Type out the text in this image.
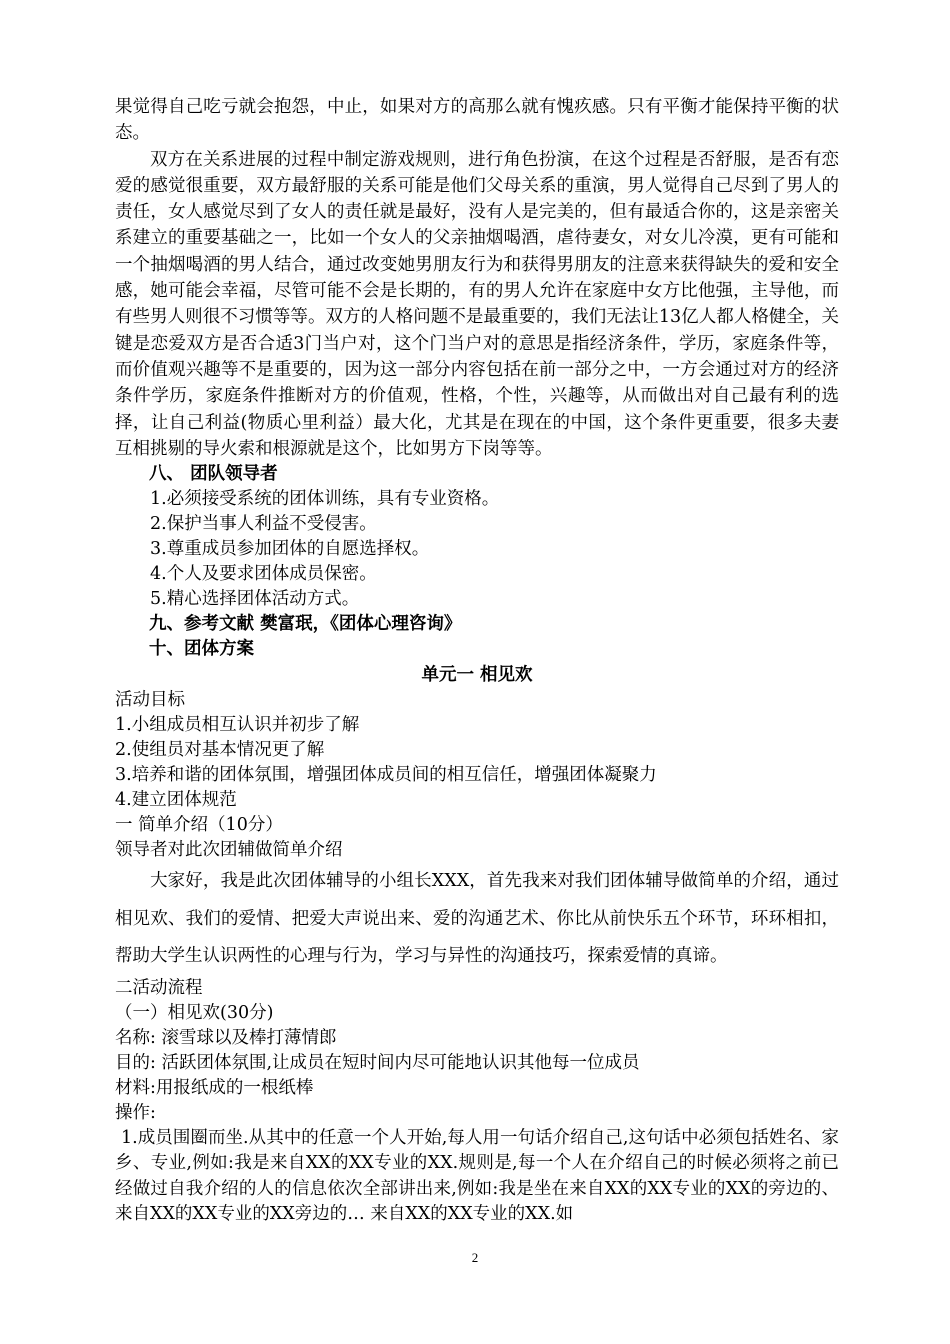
果觉得自己吃亏就会抱怨，中止，如果对方的高那么就有愧疚感。只有平衡才能保持平衡的状态。

双方在关系进展的过程中制定游戏规则，进行角色扮演，在这个过程是否舒服，是否有恋爱的感觉很重要，双方最舒服的关系可能是他们父母关系的重演，男人觉得自己尽到了男人的责任，女人感觉尽到了女人的责任就是最好，没有人是完美的，但有最适合你的，这是亲密关系建立的重要基础之一，比如一个女人的父亲抽烟喝酒，虐待妻女，对女儿冷漠，更有可能和一个抽烟喝酒的男人结合，通过改变她男朋友行为和获得男朋友的注意来获得缺失的爱和安全感，她可能会幸福，尽管可能不会是长期的，有的男人允许在家庭中女方比他强，主导他，而有些男人则很不习惯等等。双方的人格问题不是最重要的，我们无法让13亿人都人格健全，关键是恋爱双方是否合适3门当户对，这个门当户对的意思是指经济条件，学历，家庭条件等，而价值观兴趣等不是重要的，因为这一部分内容包括在前一部分之中，一方会通过对方的经济条件学历，家庭条件推断对方的价值观，性格，个性，兴趣等，从而做出对自己最有利的选择，让自己利益(物质心里利益）最大化，尤其是在现在的中国，这个条件更重要，很多夫妻互相挑剔的导火索和根源就是这个，比如男方下岗等等。

八、 团队领导者

1.必须接受系统的团体训练，具有专业资格。

2.保护当事人利益不受侵害。

3.尊重成员参加团体的自愿选择权。

4.个人及要求团体成员保密。

5.精心选择团体活动方式。

九、参考文献 樊富珉，《团体心理咨询》

十、团体方案

单元一 相见欢

活动目标

1.小组成员相互认识并初步了解

2.使组员对基本情况更了解

3.培养和谐的团体氛围，增强团体成员间的相互信任，增强团体凝聚力

4.建立团体规范

一 简单介绍（10分）

领导者对此次团辅做简单介绍

大家好，我是此次团体辅导的小组长XXX，首先我来对我们团体辅导做简单的介绍，通过相见欢、我们的爱情、把爱大声说出来、爱的沟通艺术、你比从前快乐五个环节，环环相扣，帮助大学生认识两性的心理与行为，学习与异性的沟通技巧，探索爱情的真谛。

二活动流程

（一）相见欢(30分)

名称: 滚雪球以及棒打薄情郎

目的: 活跃团体氛围,让成员在短时间内尽可能地认识其他每一位成员

材料:用报纸成的一根纸棒

操作:

1.成员围圈而坐.从其中的任意一个人开始,每人用一句话介绍自己,这句话中必须包括姓名、家乡、专业,例如:我是来自XX的XX专业的XX.规则是,每一个人在介绍自己的时候必须将之前已经做过自我介绍的人的信息依次全部讲出来,例如:我是坐在来自XX的XX专业的XX的旁边的、来自XX的XX专业的XX旁边的… 来自XX的XX专业的XX.如

2
